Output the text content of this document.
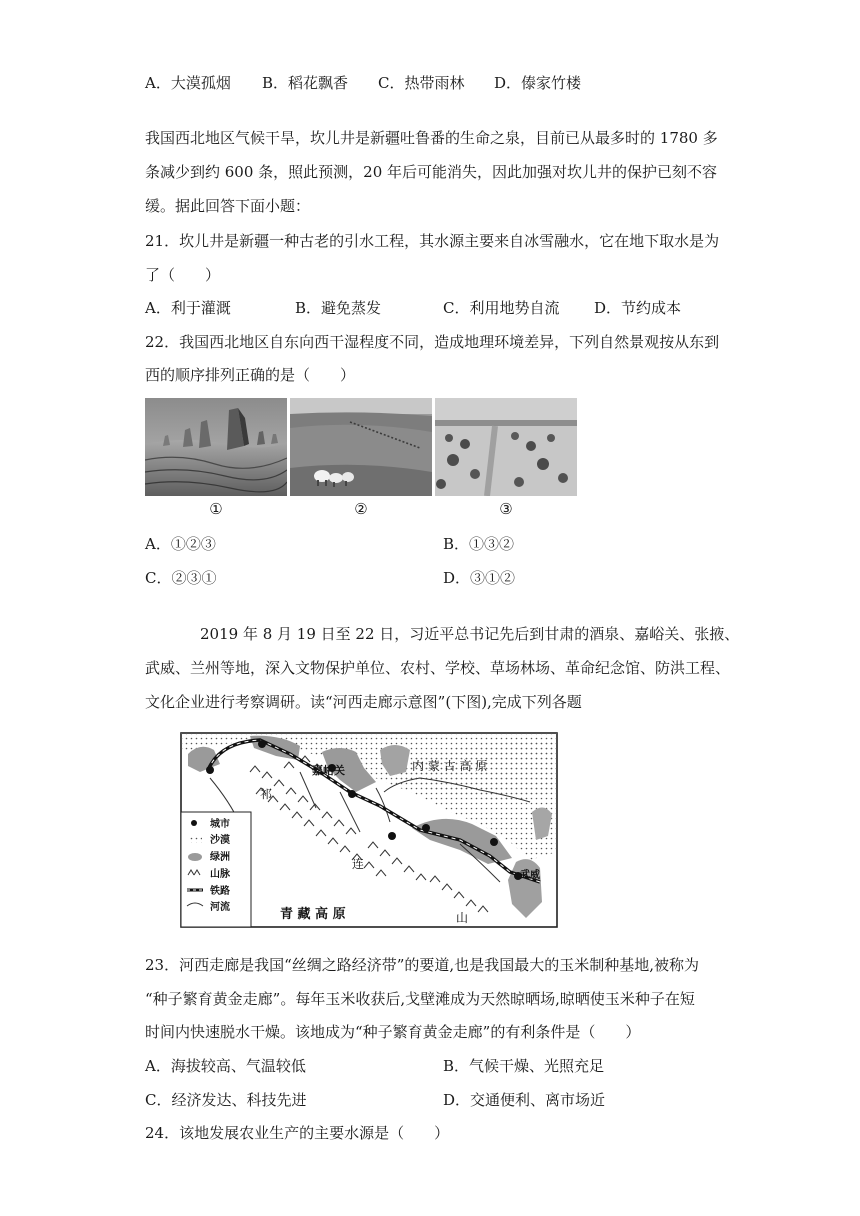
A．大漠孤烟 B．稻花飘香 C．热带雨林 D．傣家竹楼
我国西北地区气候干旱，坎儿井是新疆吐鲁番的生命之泉，目前已从最多时的 1780 多
条减少到约 600 条，照此预测，20 年后可能消失，因此加强对坎儿井的保护已刻不容
缓。据此回答下面小题：
21．坎儿井是新疆一种古老的引水工程，其水源主要来自冰雪融水，它在地下取水是为
了（　　）
A．利于灌溉	B．避免蒸发	C．利用地势自流 D．节约成本
22．我国西北地区自东向西干湿程度不同，造成地理环境差异，下列自然景观按从东到
西的顺序排列正确的是（　　）
①	②	③
A．①②③	B．①③②
C．②③①	D．③①②
2019 年 8 月 19 日至 22 日，习近平总书记先后到甘肃的酒泉、嘉峪关、张掖、
武威、兰州等地，深入文物保护单位、农村、学校、草场林场、革命纪念馆、防洪工程、
文化企业进行考察调研。读“河西走廊示意图”(下图),完成下列各题
嘉峪关	内 蒙 古 高 原
祁
连
山
武威
青 藏 高 原
城市
沙漠
绿洲
山脉
铁路
河流
23．河西走廊是我国“丝绸之路经济带”的要道,也是我国最大的玉米制种基地,被称为
“种子繁育黄金走廊”。每年玉米收获后,戈壁滩成为天然晾晒场,晾晒使玉米种子在短
时间内快速脱水干燥。该地成为“种子繁育黄金走廊”的有利条件是（　　）
A．海拔较高、气温较低	B．气候干燥、光照充足
C．经济发达、科技先进	D．交通便利、离市场近
24．该地发展农业生产的主要水源是（　　）
